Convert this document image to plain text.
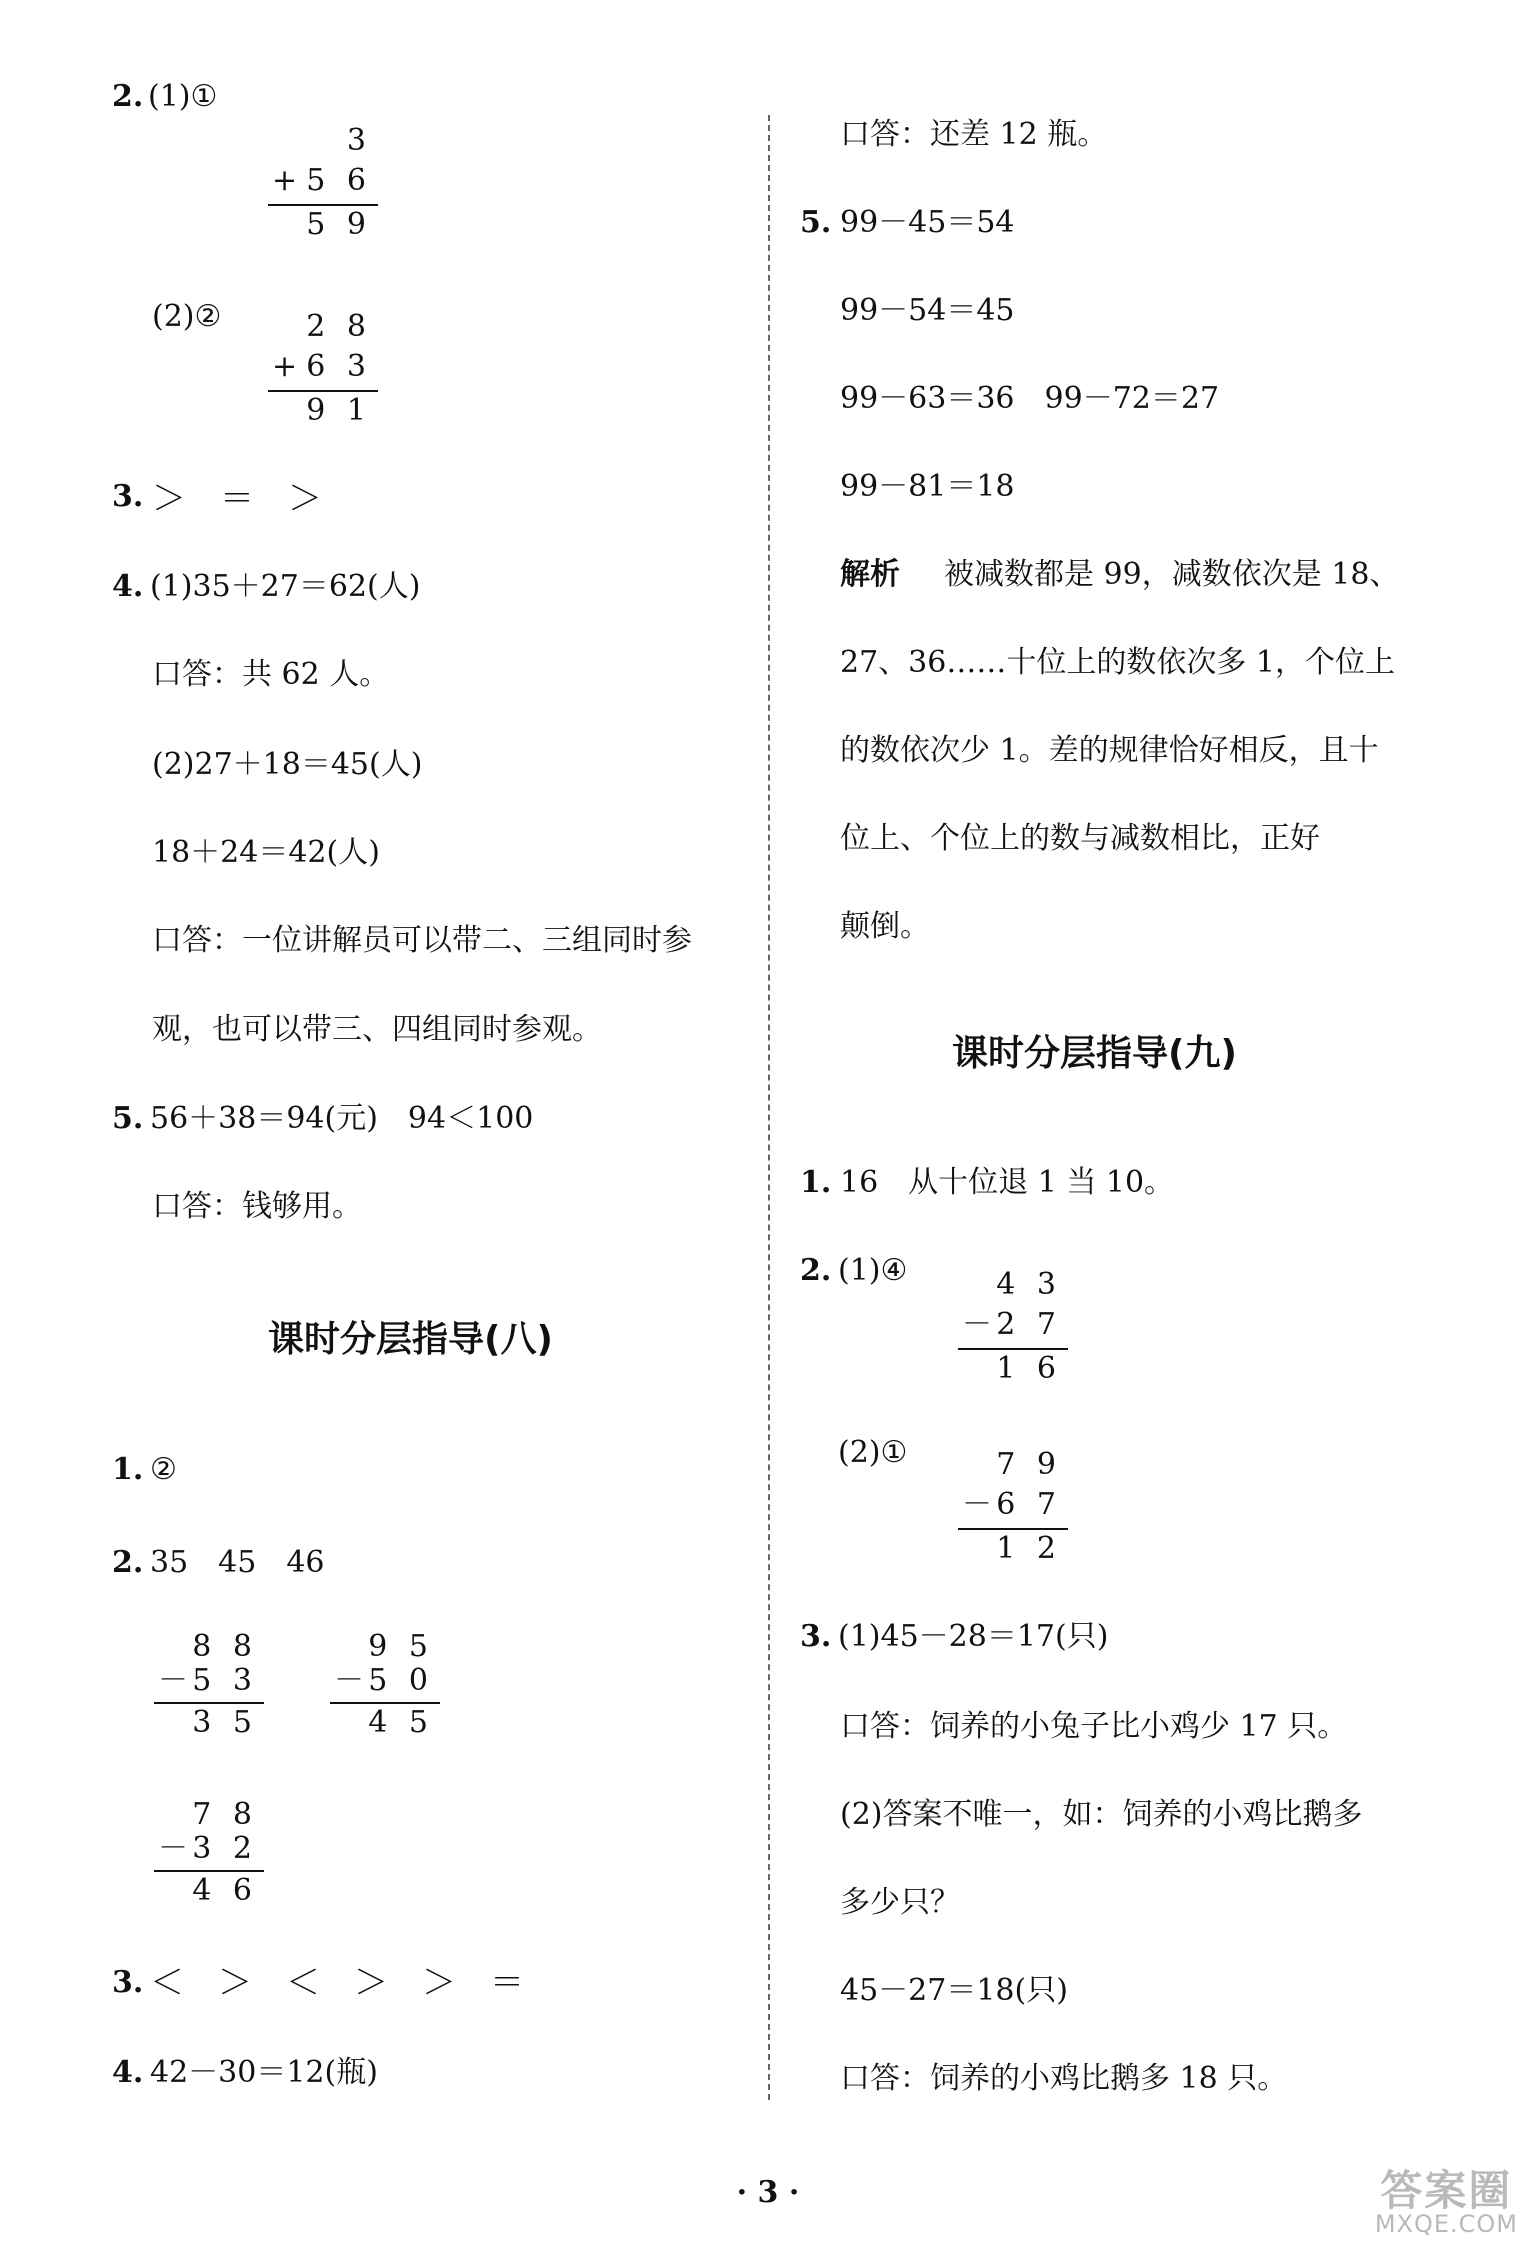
2. (1)①
3
+ 5 6
5 9
(2)②	2 8
+ 6 3
9 1
3. ＞　＝　＞
4. (1)35＋27＝62(人)
口答：共 62 人。
(2)27＋18＝45(人)
18＋24＝42(人)
口答：一位讲解员可以带二、三组同时参
观，也可以带三、四组同时参观。
5. 56＋38＝94(元)　94＜100
口答：钱够用。
课时分层指导(八)
1. ②
2. 35　45　46
8 8
－
5 3
3 5
9 5
－
5 0
4 5
7 8
－
3 2
4 6
3. ＜　＞　＜　＞　＞　＝
4. 42－30＝12(瓶)
口答：还差 12 瓶。
5. 99－45＝54
99－54＝45
99－63＝36　99－72＝27
99－81＝18
解析 被减数都是 99，减数依次是 18、
27、36……十位上的数依次多 1，个位上
的数依次少 1。差的规律恰好相反，且十
位上、个位上的数与减数相比，正好
颠倒。
课时分层指导(九)
1. 16　从十位退 1 当 10。
2. (1)④	4 3
－
2 7
1 6
(2)①	7 9
－
6 7
1 2
3. (1)45－28＝17(只)
口答：饲养的小兔子比小鸡少 17 只。
(2)答案不唯一，如：饲养的小鸡比鹅多
多少只？
45－27＝18(只)
口答：饲养的小鸡比鹅多 18 只。
· 3 ·	答案圈
MXQE.COM
